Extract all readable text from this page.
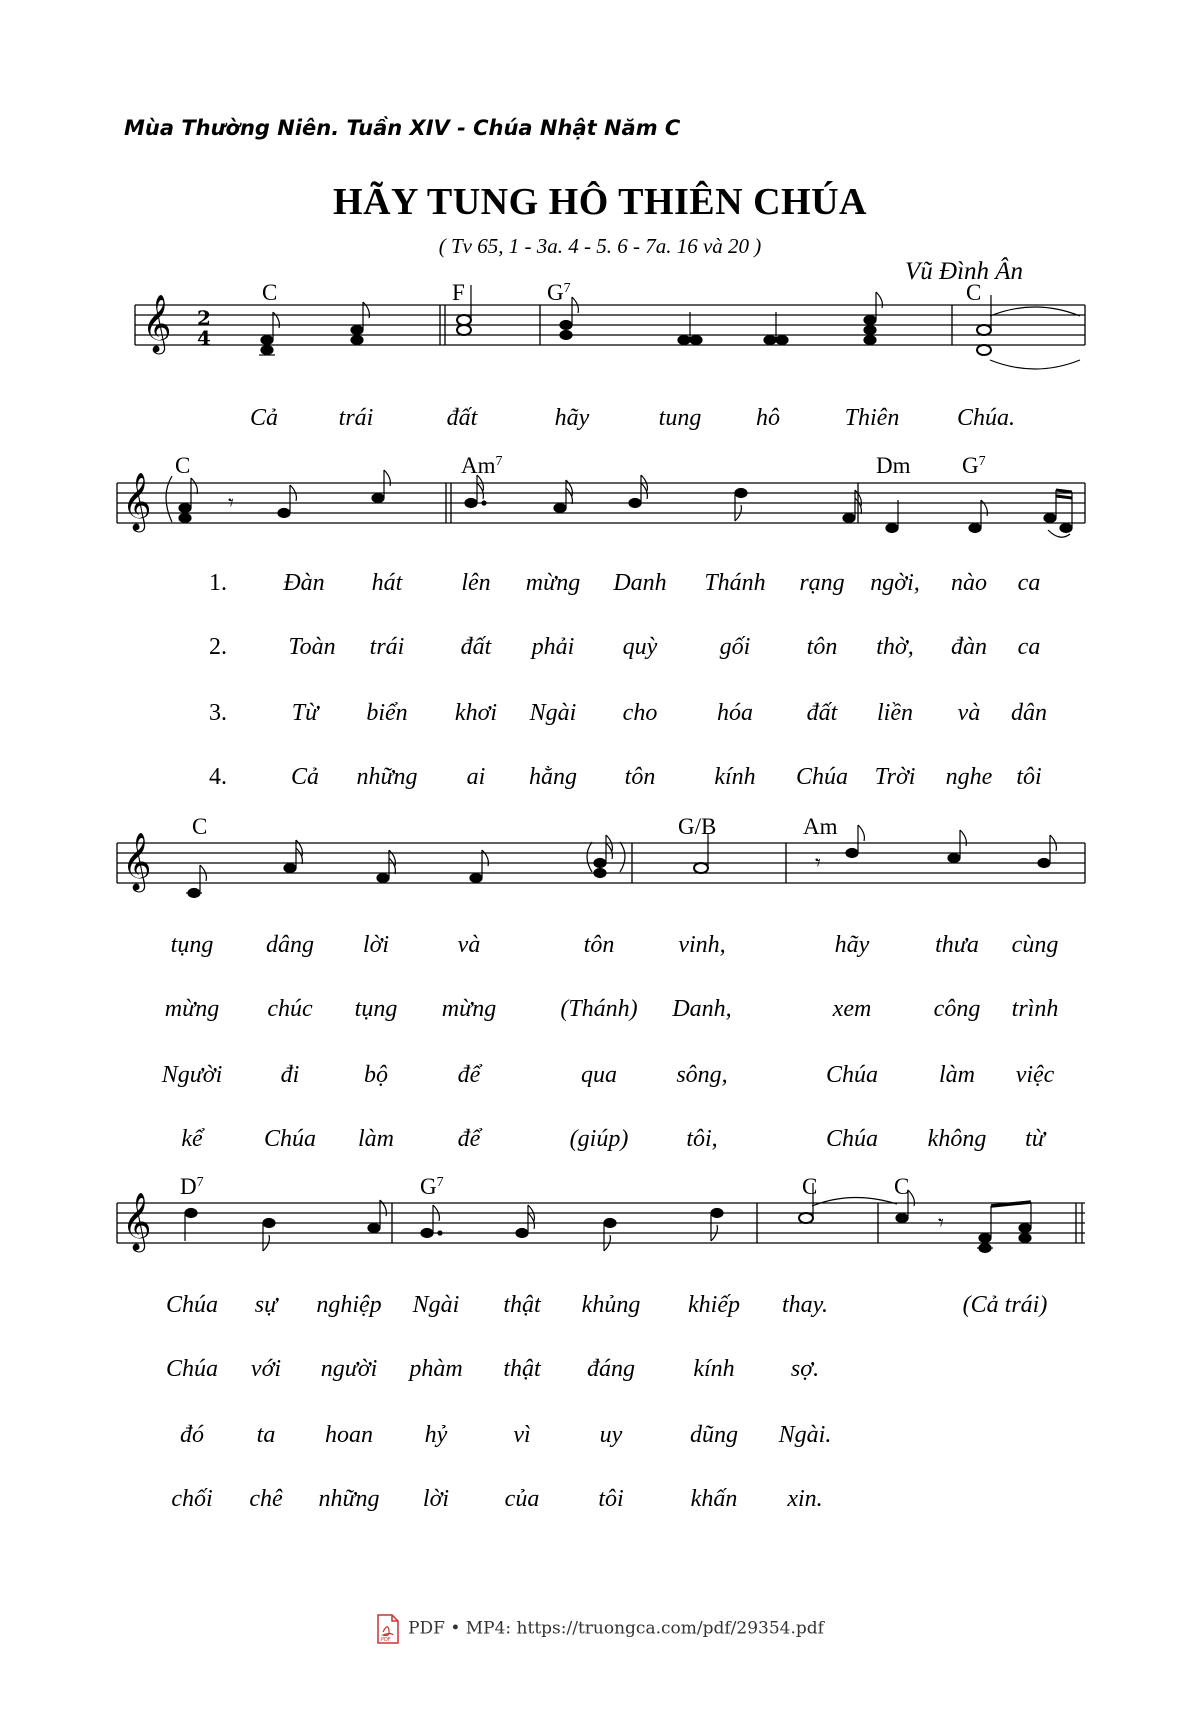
Mùa Thường Niên. Tuần XIV - Chúa Nhật Năm C
HÃY TUNG HÔ THIÊN CHÚA
( Tv 65, 1 - 3a. 4 - 5. 6 - 7a. 16 và 20 )
Vũ Đình Ân
𝄞 2
4
C	F	$G^7$	C
Cả	trái	đất	hãy	tung hô	Thiên Chúa.
𝄞	𝄾
C	Am$^7$	Dm $G^7$
1. Đàn hát lên mừng Danh Thánh rạng ngời, nào ca
2.	Toàn trái đất phải quỳ	gối tôn thờ, đàn ca
3.	Từ biển khơi Ngài cho hóa đất liền và dân
4.	Cả những ai hằng tôn kính Chúa Trời nghe tôi
𝄞	𝄾
C	G/B	Am
tụng dâng lời	và	tôn	vinh,	hãy	thưa cùng
mừng chúc tụng mừng	(Thánh) Danh,	xem	công trình
Người đi	bộ	để	qua sông,	Chúa	làm việc
kể	Chúa làm	để	(giúp) tôi,	Chúa không từ
𝄞	𝄾
$D^7$	$G^7$	C	C
Chúa sự nghiệp Ngài thật khủng khiếp thay.	(Cả trái)
Chúa với người phàm thật đáng kính sợ.
đó ta hoan hỷ	vì	uy	dũng Ngài.
chối chê những lời của tôi	khấn xin.
PDF
PDF • MP4: https://truongca.com/pdf/29354.pdf
